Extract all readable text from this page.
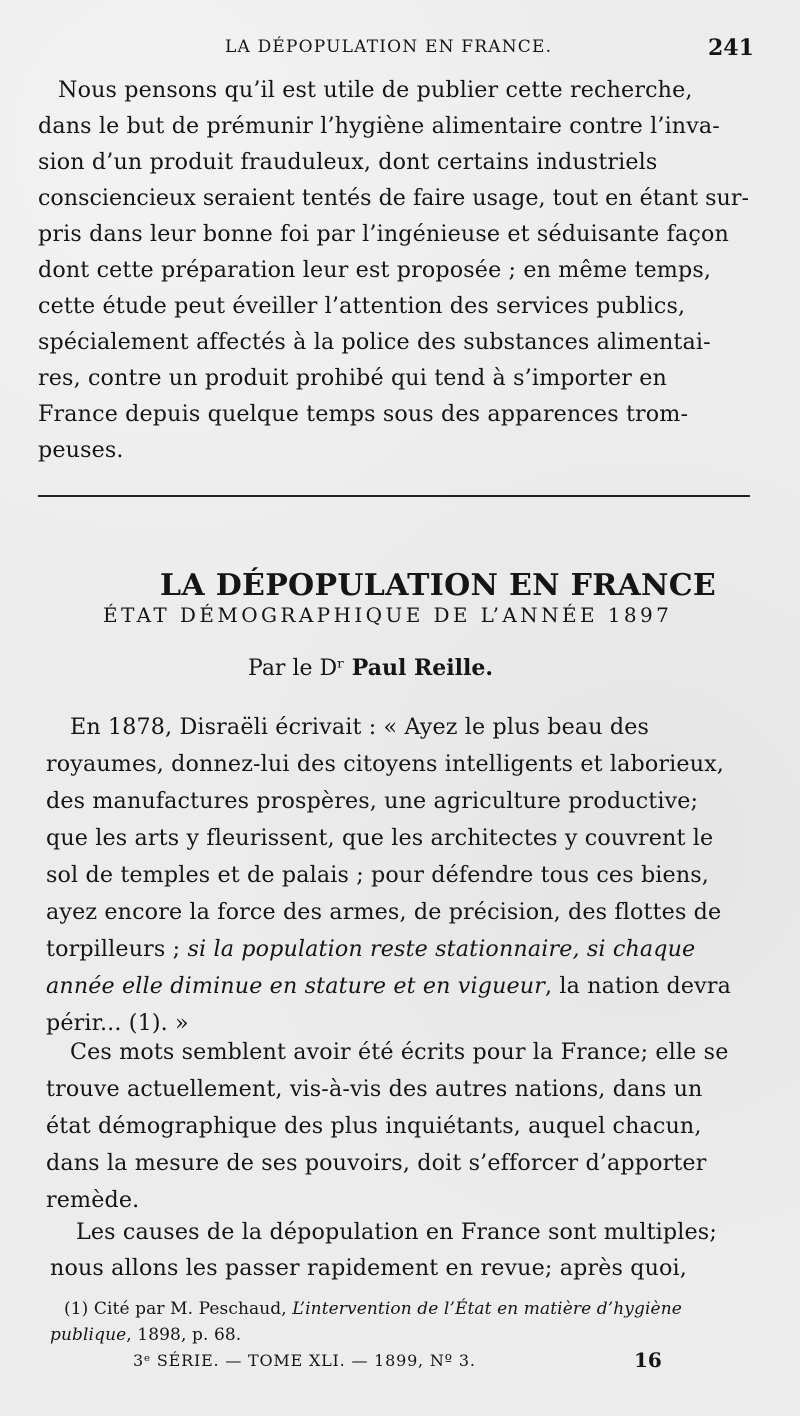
LA DÉPOPULATION EN FRANCE.	241
Nous pensons qu’il est utile de publier cette recherche,
dans le but de prémunir l’hygiène alimentaire contre l’inva-
sion d’un produit frauduleux, dont certains industriels
consciencieux seraient tentés de faire usage, tout en étant sur-
pris dans leur bonne foi par l’ingénieuse et séduisante façon
dont cette préparation leur est proposée ; en même temps,
cette étude peut éveiller l’attention des services publics,
spécialement affectés à la police des substances alimentai-
res, contre un produit prohibé qui tend à s’importer en
France depuis quelque temps sous des apparences trom-
peuses.
LA DÉPOPULATION EN FRANCE
ÉTAT DÉMOGRAPHIQUE DE L’ANNÉE 1897
Par le Dʳ Paul Reille.
En 1878, Disraëli écrivait : « Ayez le plus beau des
royaumes, donnez-lui des citoyens intelligents et laborieux,
des manufactures prospères, une agriculture productive;
que les arts y fleurissent, que les architectes y couvrent le
sol de temples et de palais ; pour défendre tous ces biens,
ayez encore la force des armes, de précision, des flottes de
torpilleurs ; si la population reste stationnaire, si chaque
année elle diminue en stature et en vigueur, la nation devra
périr... (1). »
Ces mots semblent avoir été écrits pour la France; elle se
trouve actuellement, vis-à-vis des autres nations, dans un
état démographique des plus inquiétants, auquel chacun,
dans la mesure de ses pouvoirs, doit s’efforcer d’apporter
remède.
Les causes de la dépopulation en France sont multiples;
nous allons les passer rapidement en revue; après quoi,
(1) Cité par M. Peschaud, L’intervention de l’État en matière d’hygiène
publique, 1898, p. 68.
3ᵉ SÉRIE. — TOME XLI. — 1899, Nº 3.	16
